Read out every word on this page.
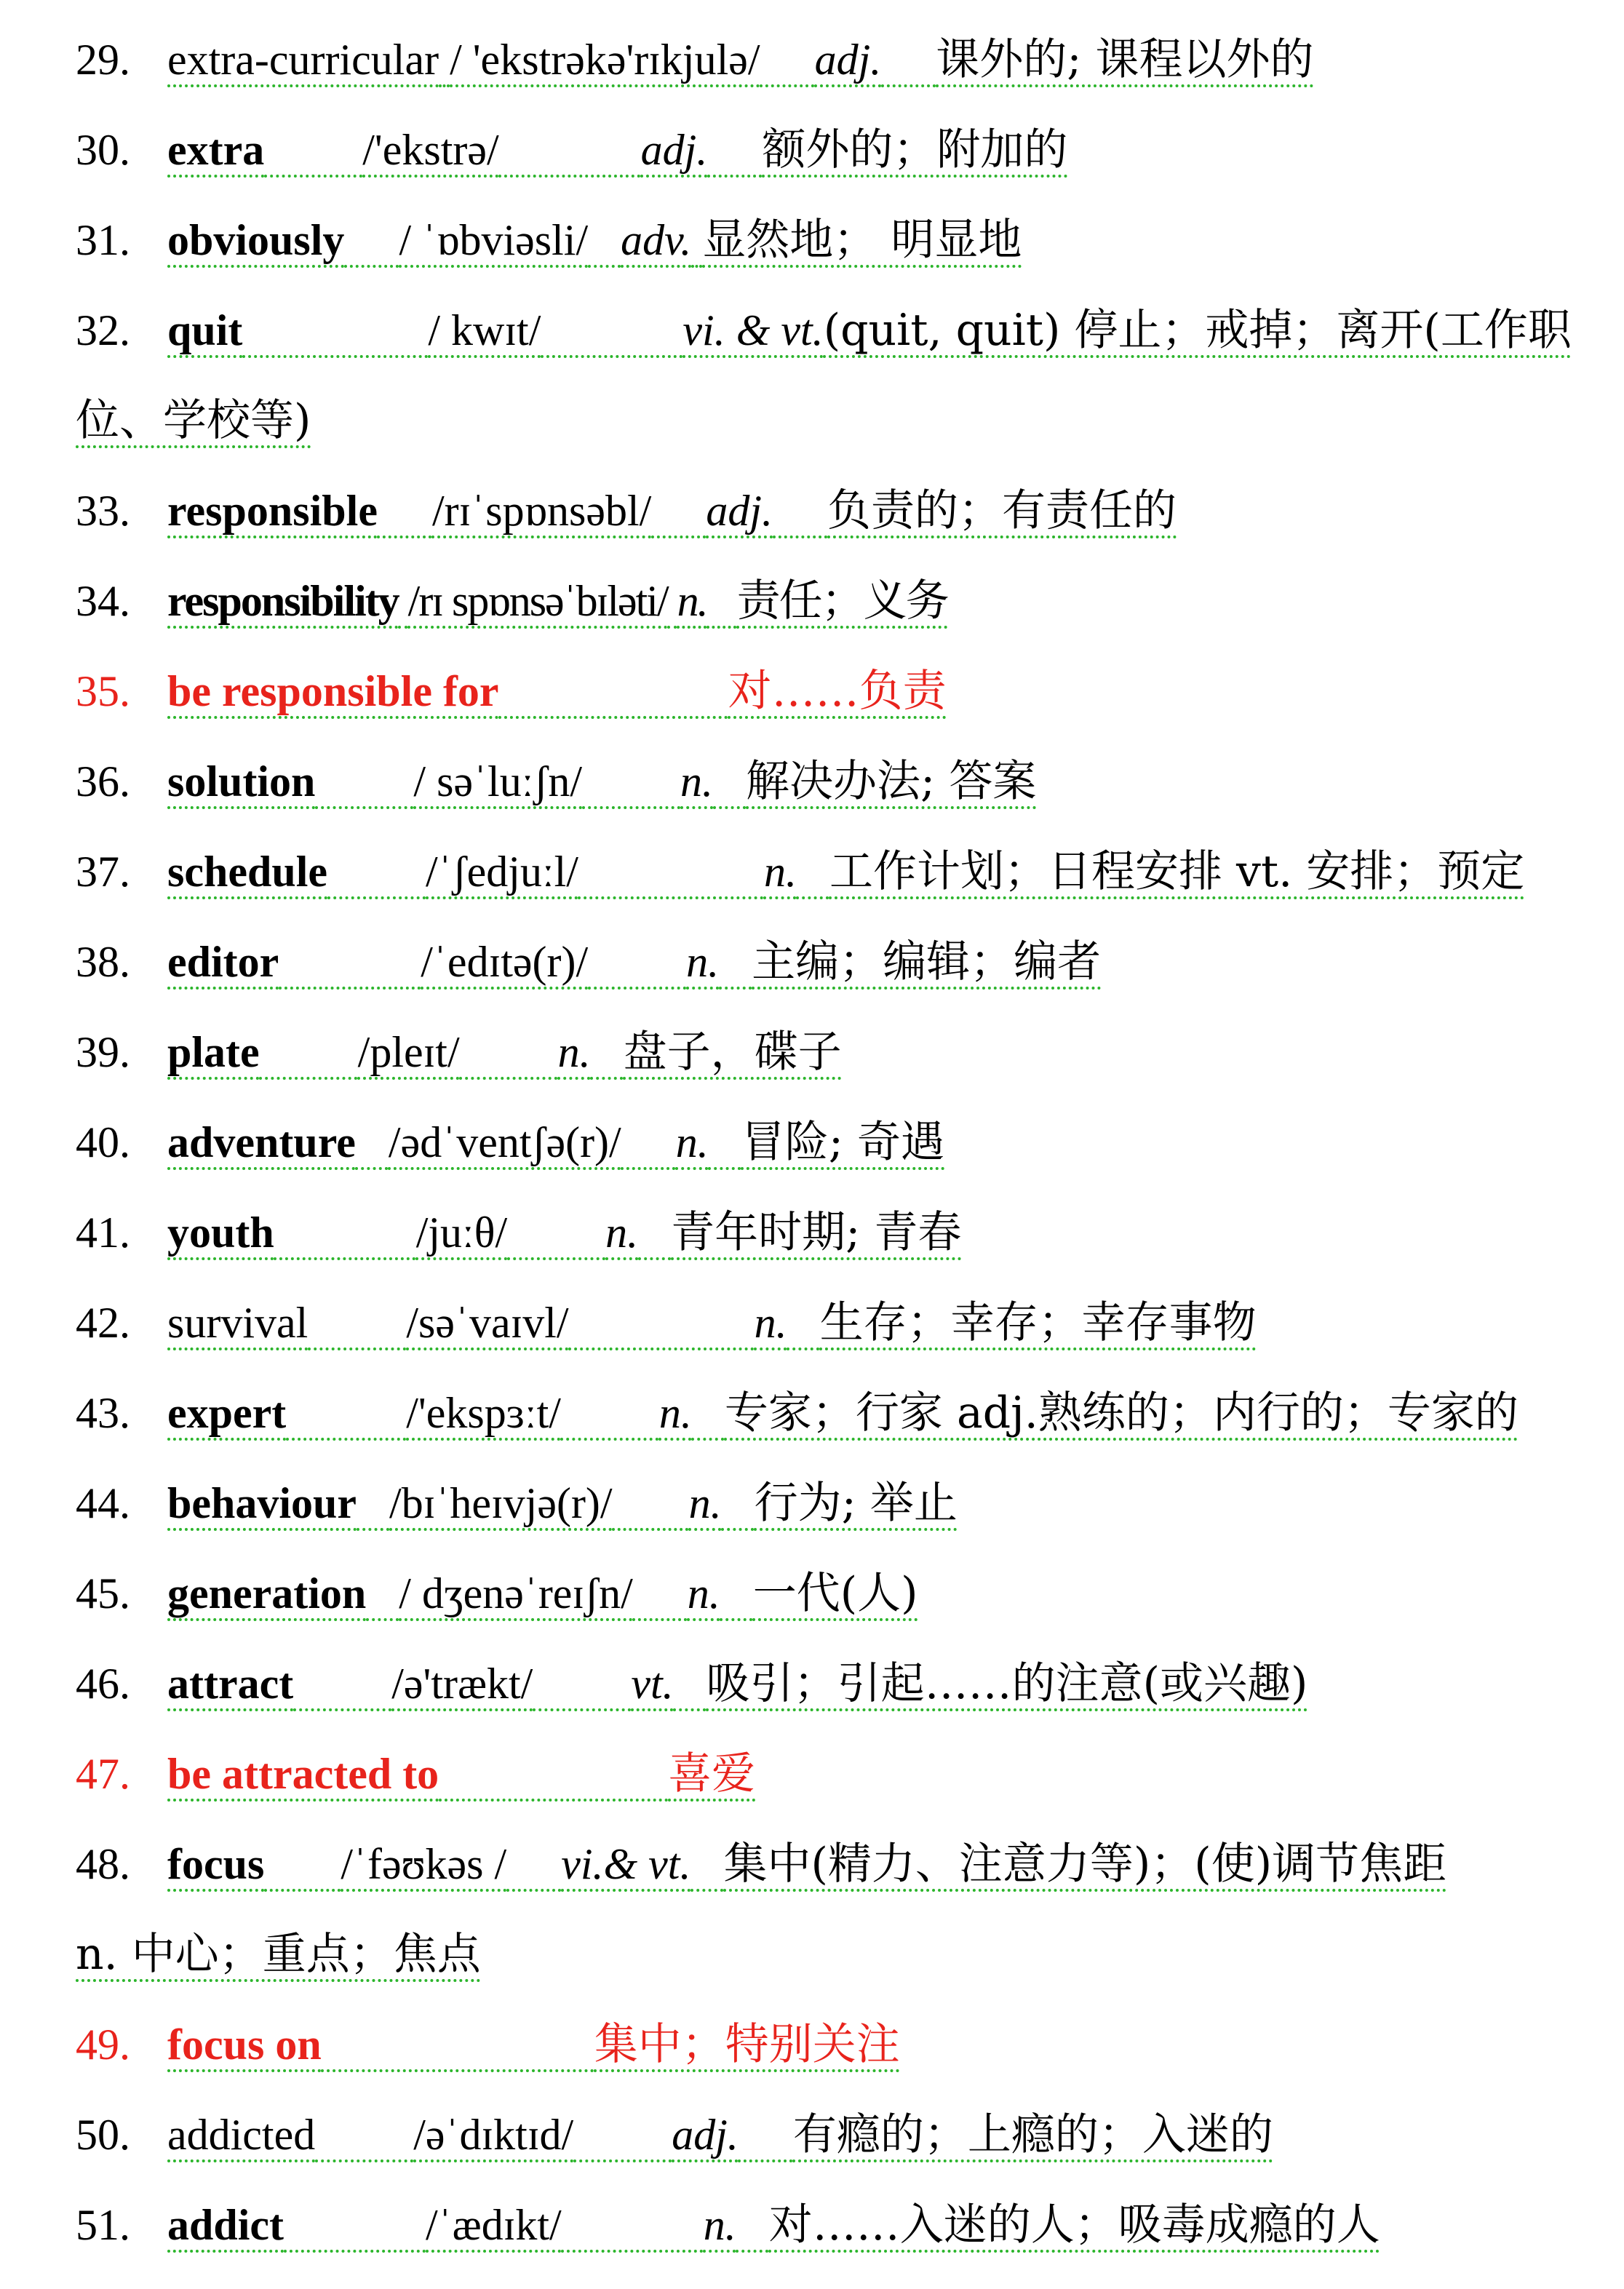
29. extra-curricular / 'ekstrəkə'rɪkjulə/  adj.  课外的; 课程以外的
30. extra   /'ekstrə/   	adj.  额外的；附加的
31. obviously  / ˈɒbviəsli/  adv. 显然地； 明显地
32. quit    	/ kwɪt/   	vi. & vt.(quit, quit) 停止；戒掉；离开(工作职
位、学校等)
33. responsible  /rɪˈspɒnsəbl/  adj.  负责的；有责任的
34. responsibility /rɪ spɒnsəˈbɪləti/ n.  责任；义务
35. be responsible for     	对……负责
36. solution   / səˈluːʃn/   n.  解决办法; 答案
37. schedule   /ˈʃedjuːl/    	n.  工作计划；日程安排 vt. 安排；预定
38. editor   	/ˈedɪtə(r)/   n.  主编；编辑；编者
39. plate   /pleɪt/   n.  盘子，碟子
40. adventure  /ədˈventʃə(r)/  n.  冒险; 奇遇
41. youth   	/juːθ/   n.  青年时期; 青春
42. survival   /səˈvaɪvl/    	n.  生存；幸存；幸存事物
43. expert   	/'ekspɜːt/   n.  专家；行家 adj.熟练的；内行的；专家的
44. behaviour  /bɪˈheɪvjə(r)/   n.  行为; 举止
45. generation  / dʒenəˈreɪʃn/  n.  一代(人)
46. attract   /ə'trækt/   vt.  吸引；引起……的注意(或兴趣)
47. be attracted to     	喜爱
48. focus   /ˈfəʊkəs /  vi.& vt.  集中(精力、注意力等)；(使)调节焦距
n. 中心；重点；焦点
49. focus on      	集中；特别关注
50. addicted   /əˈdɪktɪd/   adj.  有瘾的；上瘾的；入迷的
51. addict   	/ˈædɪkt/   	n.  对……入迷的人；吸毒成瘾的人
